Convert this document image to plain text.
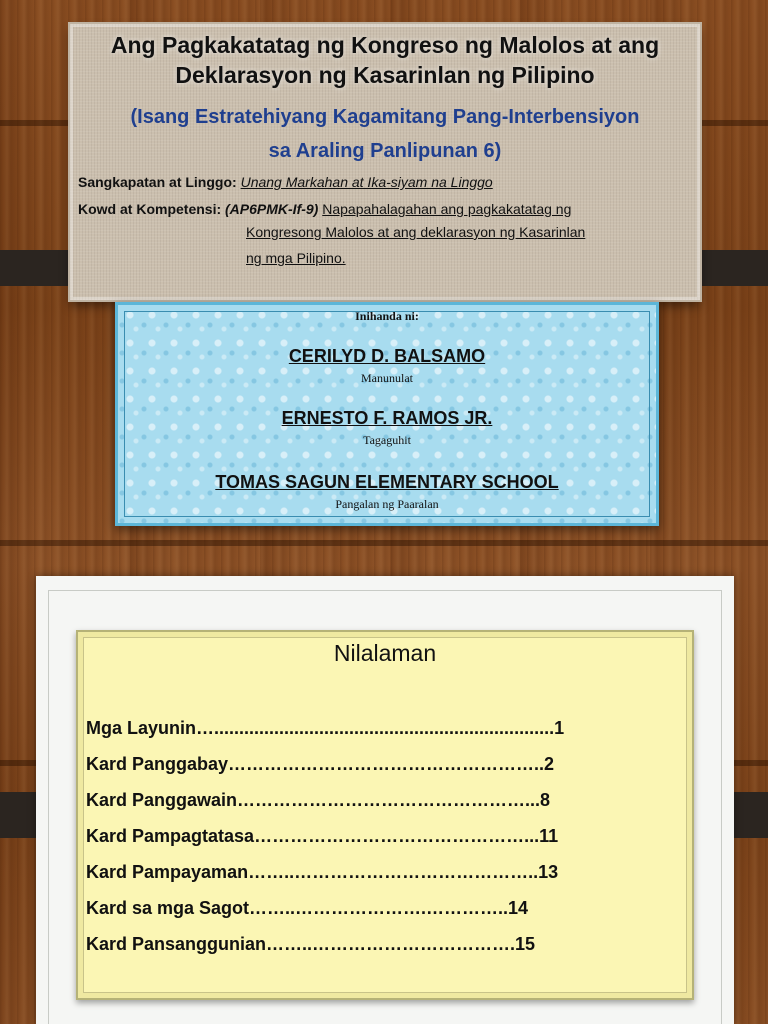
Ang Pagkakatatag ng Kongreso ng Malolos at ang
Deklarasyon ng Kasarinlan ng Pilipino
(Isang Estratehiyang Kagamitang Pang-Interbensiyon
sa Araling Panlipunan 6)
Sangkapatan at Linggo: Unang Markahan at Ika-siyam na Linggo
Kowd at Kompetensi: (AP6PMK-If-9) Napapahalagahan ang pagkakatatag ng
Kongresong Malolos at ang deklarasyon ng Kasarinlan
ng mga Pilipino.
Inihanda ni:
CERILYD D. BALSAMO
Manunulat
ERNESTO F. RAMOS JR.
Tagaguhit
TOMAS SAGUN ELEMENTARY SCHOOL
Pangalan ng Paaralan
Nilalaman
Mga Layunin…....................................................................1
Kard Panggabay……………………………………………..2
Kard Panggawain…………………………………………...8
Kard Pampagtatasa………………………………………...11
Kard Pampayaman……..…………………………………..13
Kard sa mga Sagot……..………………….…………..14
Kard Pansanggunian……..…………………………….15
